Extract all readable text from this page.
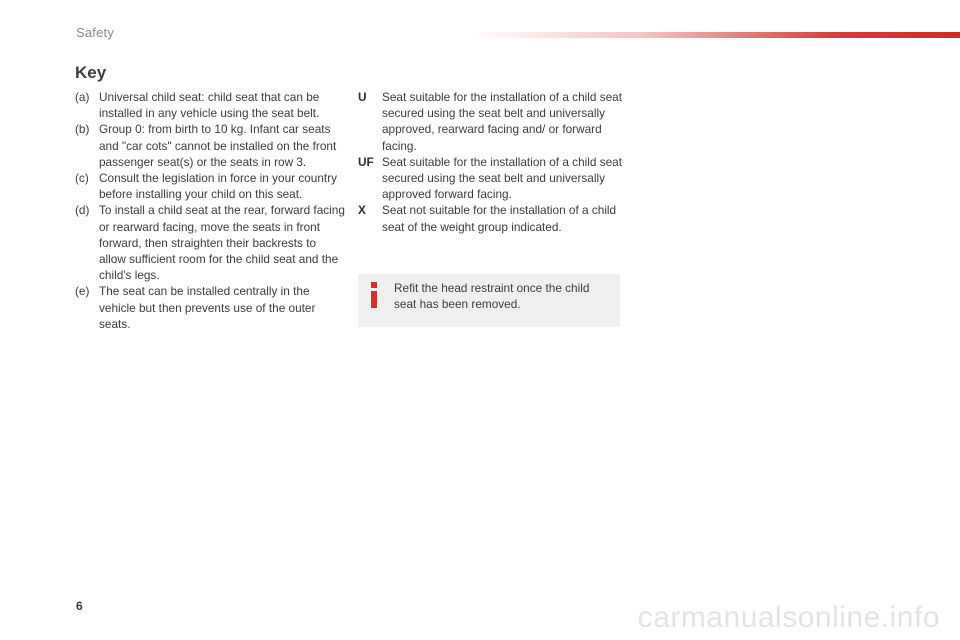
Safety
Key
(a) Universal child seat: child seat that can be installed in any vehicle using the seat belt.
(b) Group 0: from birth to 10 kg. Infant car seats and "car cots" cannot be installed on the front passenger seat(s) or the seats in row 3.
(c) Consult the legislation in force in your country before installing your child on this seat.
(d) To install a child seat at the rear, forward facing or rearward facing, move the seats in front forward, then straighten their backrests to allow sufficient room for the child seat and the child's legs.
(e) The seat can be installed centrally in the vehicle but then prevents use of the outer seats.
U Seat suitable for the installation of a child seat secured using the seat belt and universally approved, rearward facing and/ or forward facing.
UF Seat suitable for the installation of a child seat secured using the seat belt and universally approved forward facing.
X Seat not suitable for the installation of a child seat of the weight group indicated.
Refit the head restraint once the child seat has been removed.
6	carmanualsonline.info
